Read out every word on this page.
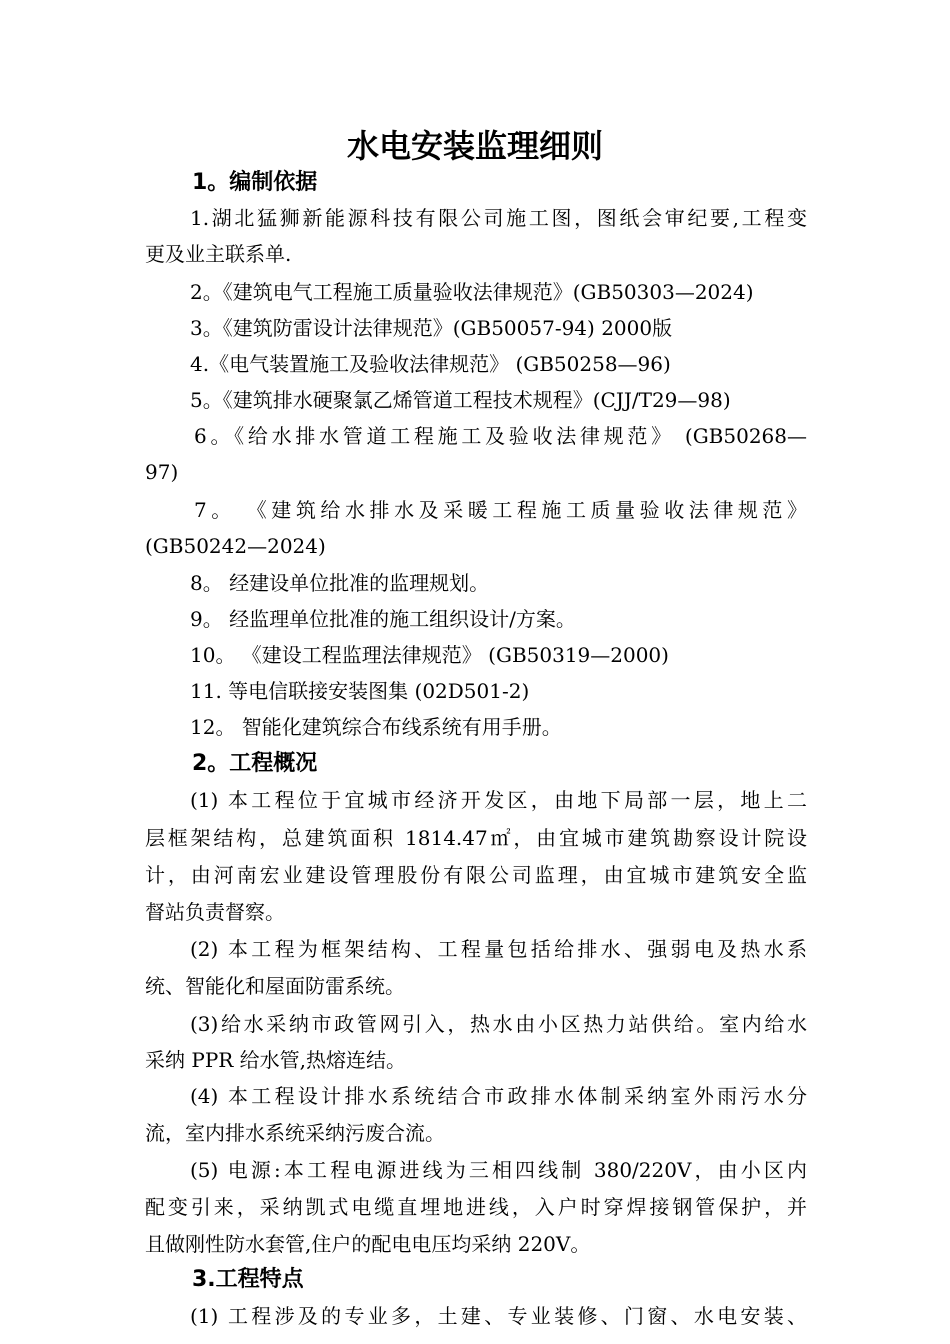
水电安装监理细则
1。编制依据
1.湖北猛狮新能源科技有限公司施工图，图纸会审纪要,工程变
更及业主联系单.
2。《建筑电气工程施工质量验收法律规范》(GB50303—2024)
3。《建筑防雷设计法律规范》(GB50057-94) 2000版
4.《电气装置施工及验收法律规范》 (GB50258—96)
5。《建筑排水硬聚氯乙烯管道工程技术规程》(CJJ/T29—98)
6。《给水排水管道工程施工及验收法律规范》 (GB50268—
97)
7。 《建筑给水排水及采暖工程施工质量验收法律规范》
(GB50242—2024)
8。 经建设单位批准的监理规划。
9。 经监理单位批准的施工组织设计/方案。
10。 《建设工程监理法律规范》 (GB50319—2000)
11. 等电信联接安装图集 (02D501-2)
12。 智能化建筑综合布线系统有用手册。
2。工程概况
(1) 本工程位于宜城市经济开发区，由地下局部一层，地上二
层框架结构，总建筑面积 1814.47㎡，由宜城市建筑勘察设计院设
计，由河南宏业建设管理股份有限公司监理，由宜城市建筑安全监
督站负责督察。
(2) 本工程为框架结构、工程量包括给排水、强弱电及热水系
统、智能化和屋面防雷系统。
(3)给水采纳市政管网引入，热水由小区热力站供给。室内给水
采纳 PPR 给水管,热熔连结。
(4) 本工程设计排水系统结合市政排水体制采纳室外雨污水分
流，室内排水系统采纳污废合流。
(5) 电源:本工程电源进线为三相四线制 380/220V，由小区内
配变引来，采纳凯式电缆直埋地进线，入户时穿焊接钢管保护，并
且做刚性防水套管,住户的配电电压均采纳 220V。
3.工程特点
(1) 工程涉及的专业多，土建、专业装修、门窗、水电安装、
